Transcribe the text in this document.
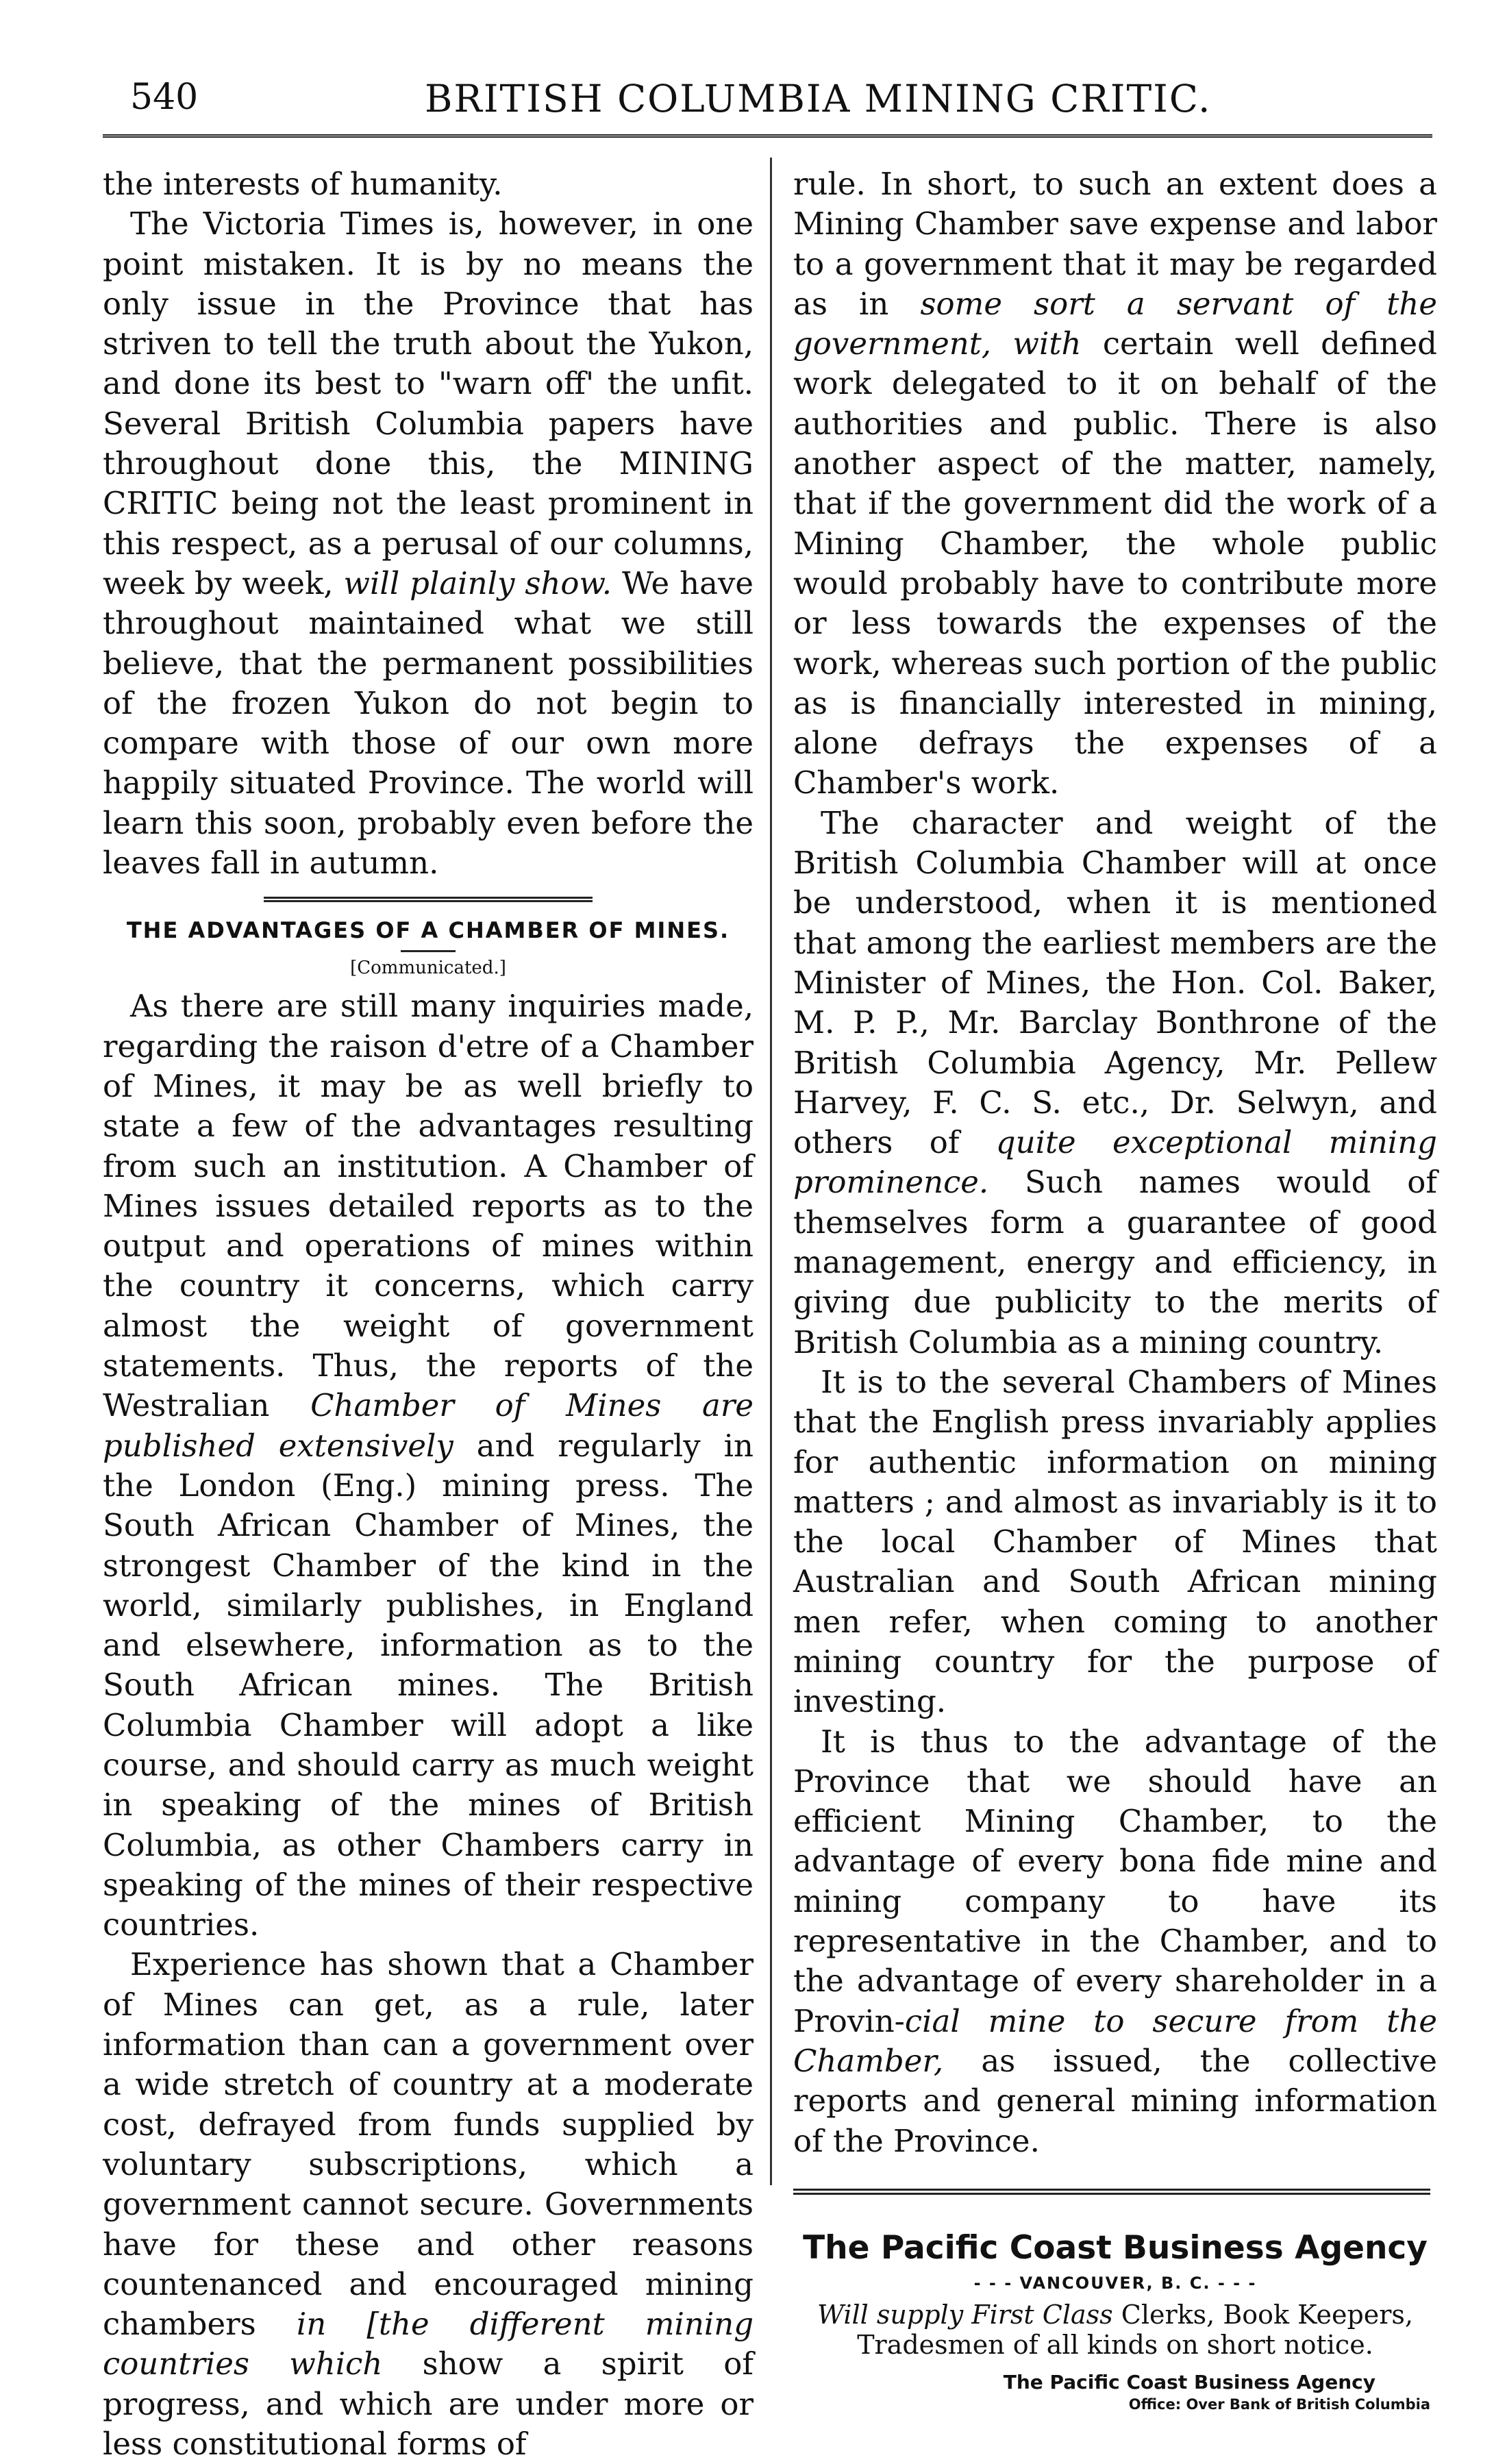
540	BRITISH COLUMBIA MINING CRITIC.

the interests of humanity.

The Victoria Times is, however, in one point mistaken. It is by no means the only issue in the Province that has striven to tell the truth about the Yukon, and done its best to "warn off' the unfit. Several British Columbia papers have throughout done this, the MINING CRITIC being not the least prominent in this respect, as a perusal of our columns, week by week, will plainly show. We have throughout maintained what we still believe, that the permanent possibilities of the frozen Yukon do not begin to compare with those of our own more happily situated Province. The world will learn this soon, probably even before the leaves fall in autumn.

THE ADVANTAGES OF A CHAMBER OF MINES.
[Communicated.]

As there are still many inquiries made, regarding the raison d'etre of a Chamber of Mines, it may be as well briefly to state a few of the advantages resulting from such an institution. A Chamber of Mines issues detailed reports as to the output and operations of mines within the country it concerns, which carry almost the weight of government statements. Thus, the reports of the Westralian Chamber of Mines are published extensively and regularly in the London (Eng.) mining press. The South African Chamber of Mines, the strongest Chamber of the kind in the world, similarly publishes, in England and elsewhere, information as to the South African mines. The British Columbia Chamber will adopt a like course, and should carry as much weight in speaking of the mines of British Columbia, as other Chambers carry in speaking of the mines of their respective countries.

Experience has shown that a Chamber of Mines can get, as a rule, later information than can a government over a wide stretch of country at a moderate cost, defrayed from funds supplied by voluntary subscriptions, which a government cannot secure. Governments have for these and other reasons countenanced and encouraged mining chambers in [the different mining countries which show a spirit of progress, and which are under more or less constitutional forms of

rule. In short, to such an extent does a Mining Chamber save expense and labor to a government that it may be regarded as in some sort a servant of the government, with certain well defined work delegated to it on behalf of the authorities and public. There is also another aspect of the matter, namely, that if the government did the work of a Mining Chamber, the whole public would probably have to contribute more or less towards the expenses of the work, whereas such portion of the public as is financially interested in mining, alone defrays the expenses of a Chamber's work.

The character and weight of the British Columbia Chamber will at once be understood, when it is mentioned that among the earliest members are the Minister of Mines, the Hon. Col. Baker, M. P. P., Mr. Barclay Bonthrone of the British Columbia Agency, Mr. Pellew Harvey, F. C. S. etc., Dr. Selwyn, and others of quite exceptional mining prominence. Such names would of themselves form a guarantee of good management, energy and efficiency, in giving due publicity to the merits of British Columbia as a mining country.

It is to the several Chambers of Mines that the English press invariably applies for authentic information on mining matters ; and almost as invariably is it to the local Chamber of Mines that Australian and South African mining men refer, when coming to another mining country for the purpose of investing.

It is thus to the advantage of the Province that we should have an efficient Mining Chamber, to the advantage of every bona fide mine and mining company to have its representative in the Chamber, and to the advantage of every shareholder in a Provin-cial mine to secure from the Chamber, as issued, the collective reports and general mining information of the Province.

The Pacific Coast Business Agency

- - - VANCOUVER, B. C. - - -

Will supply First Class Clerks, Book Keepers, Tradesmen of all kinds on short notice.

The Pacific Coast Business Agency

Office: Over Bank of British Columbia
